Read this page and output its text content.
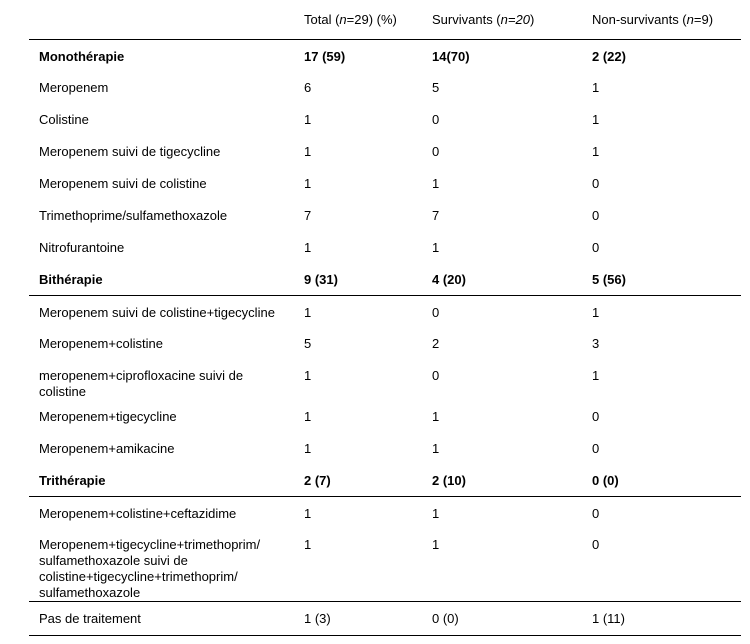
	Total (n=29) (%)	Survivants (n=20)	Non-survivants (n=9)
Monothérapie	17 (59)	14(70)	2 (22)
Meropenem	6	5	1
Colistine	1	0	1
Meropenem suivi de tigecycline	1	0	1
Meropenem suivi de colistine	1	1	0
Trimethoprime/sulfamethoxazole	7	7	0
Nitrofurantoine	1	1	0
Bithérapie	9 (31)	4 (20)	5 (56)
Meropenem suivi de colistine+tigecycline	1	0	1
Meropenem+colistine	5	2	3
meropenem+ciprofloxacine suivi de colistine	1	0	1
Meropenem+tigecycline	1	1	0
Meropenem+amikacine	1	1	0
Trithérapie	2 (7)	2 (10)	0 (0)
Meropenem+colistine+ceftazidime	1	1	0
Meropenem+tigecycline+trimethoprim/ sulfamethoxazole suivi de colistine+tigecycline+trimethoprim/ sulfamethoxazole	1	1	0
Pas de traitement	1 (3)	0 (0)	1 (11)
